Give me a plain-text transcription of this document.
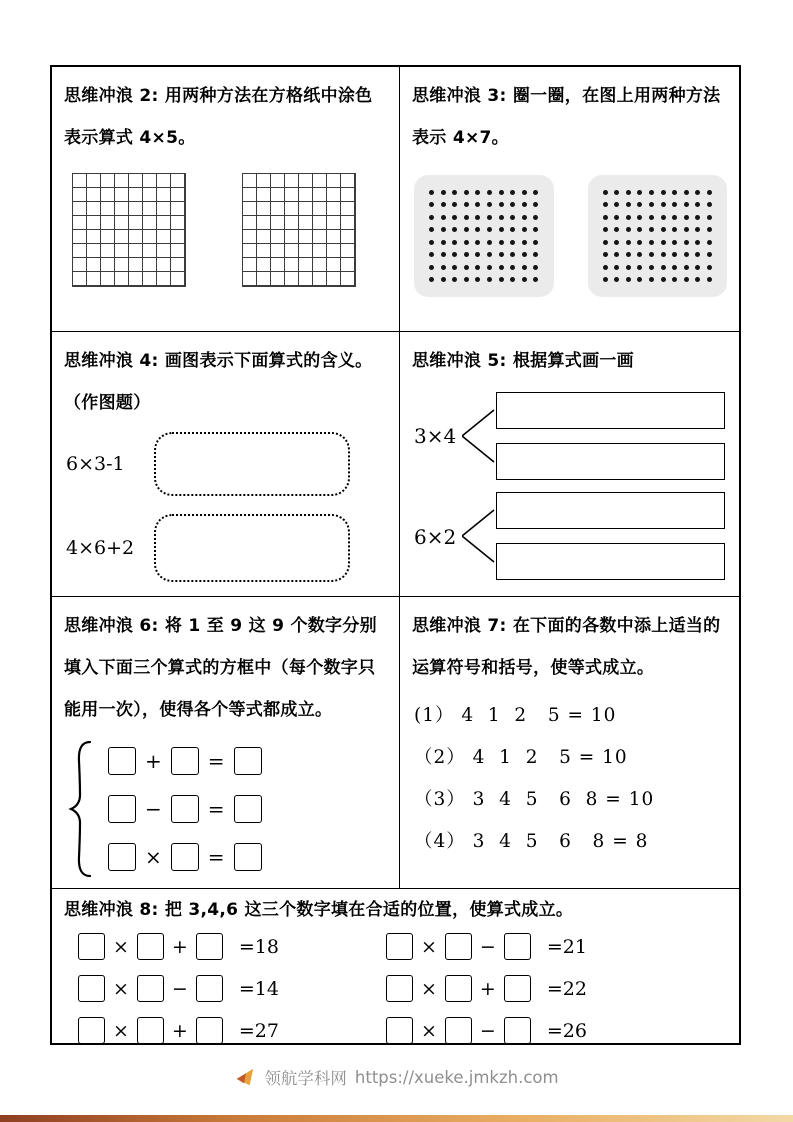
思维冲浪 2: 用两种方法在方格纸中涂色表示算式 4×5。
思维冲浪 3: 圈一圈，在图上用两种方法表示 4×7。
思维冲浪 4: 画图表示下面算式的含义。（作图题）
6×3-1
4×6+2
思维冲浪 5: 根据算式画一画
3×4
6×2
思维冲浪 6: 将 1 至 9 这 9 个数字分别填入下面三个算式的方框中（每个数字只能用一次），使得各个等式都成立。
+ =
− =
× =
思维冲浪 7: 在下面的各数中添上适当的运算符号和括号，使等式成立。
(1） 4  1  2   5 = 10
（2） 4  1  2   5 = 10
（3） 3  4  5   6  8 = 10
（4） 3  4  5   6   8 = 8
思维冲浪 8: 把 3,4,6 这三个数字填在合适的位置，使算式成立。
× +	=18
× −	=14
× +	=27
× −	=21
× +	=22
× −	=26
领航学科网 https://xueke.jmkzh.com
